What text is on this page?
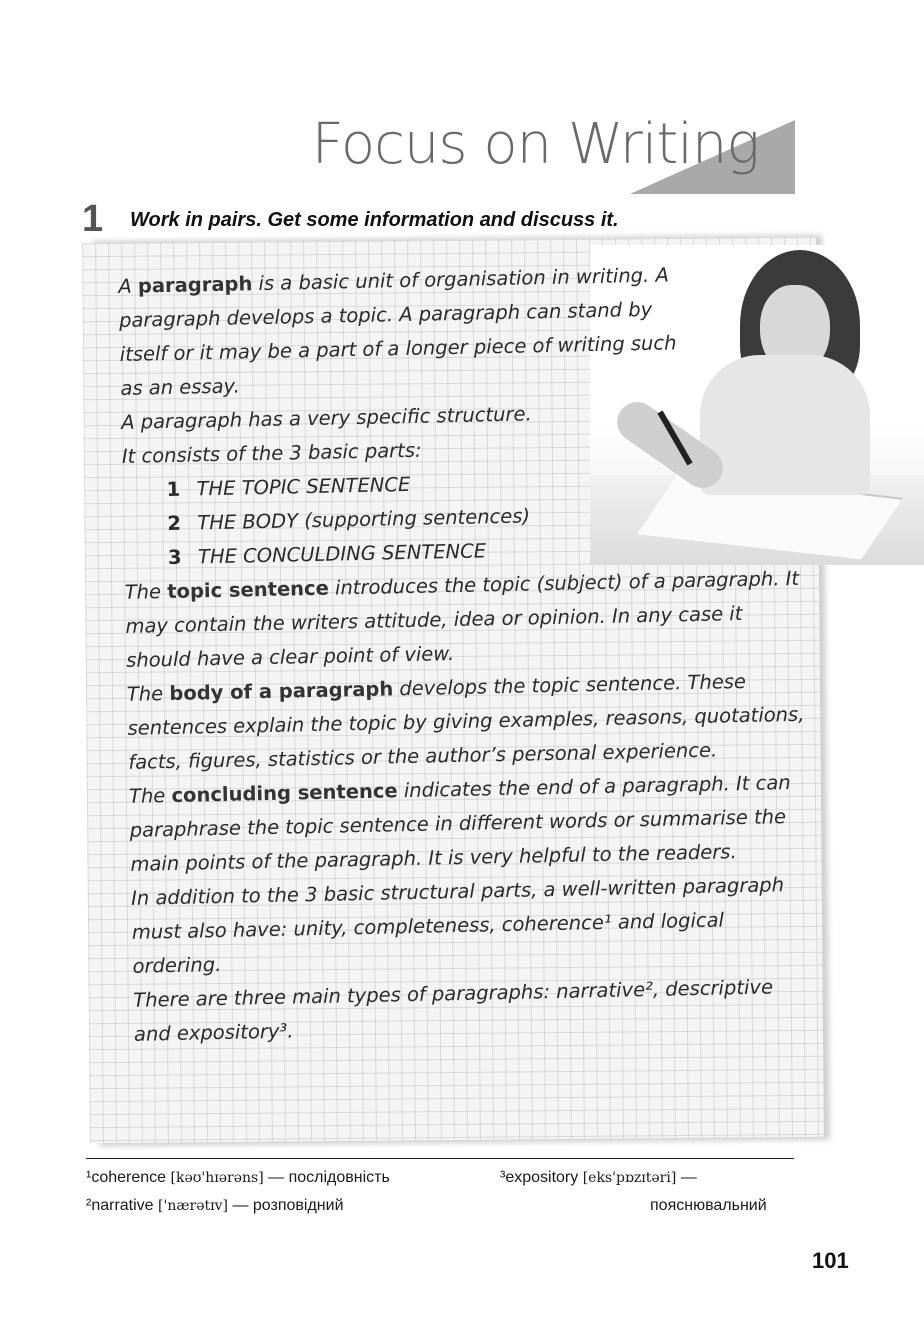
Focus on Writing
1 Work in pairs. Get some information and discuss it.

A paragraph is a basic unit of organisation in writing. A paragraph develops a topic. A paragraph can stand by itself or it may be a part of a longer piece of writing such as an essay.

A paragraph has a very specific structure.

It consists of the 3 basic parts:

1 THE TOPIC SENTENCE
2 THE BODY (supporting sentences)
3 THE CONCULDING SENTENCE

The topic sentence introduces the topic (subject) of a paragraph. It may contain the writers attitude, idea or opinion. In any case it should have a clear point of view.

The body of a paragraph develops the topic sentence. These sentences explain the topic by giving examples, reasons, quotations, facts, figures, statistics or the author’s personal experience.

The concluding sentence indicates the end of a paragraph. It can paraphrase the topic sentence in different words or summarise the main points of the paragraph. It is very helpful to the readers.

In addition to the 3 basic structural parts, a well-written paragraph must also have: unity, completeness, coherence¹ and logical ordering.

There are three main types of paragraphs: narrative², descriptive and expository³.

¹coherence [kəʊ'hɪərəns] — послідовність
²narrative ['nærətɪv] — розповідний
³expository [eks'pɒzɪtəri] —
пояснювальний
101
